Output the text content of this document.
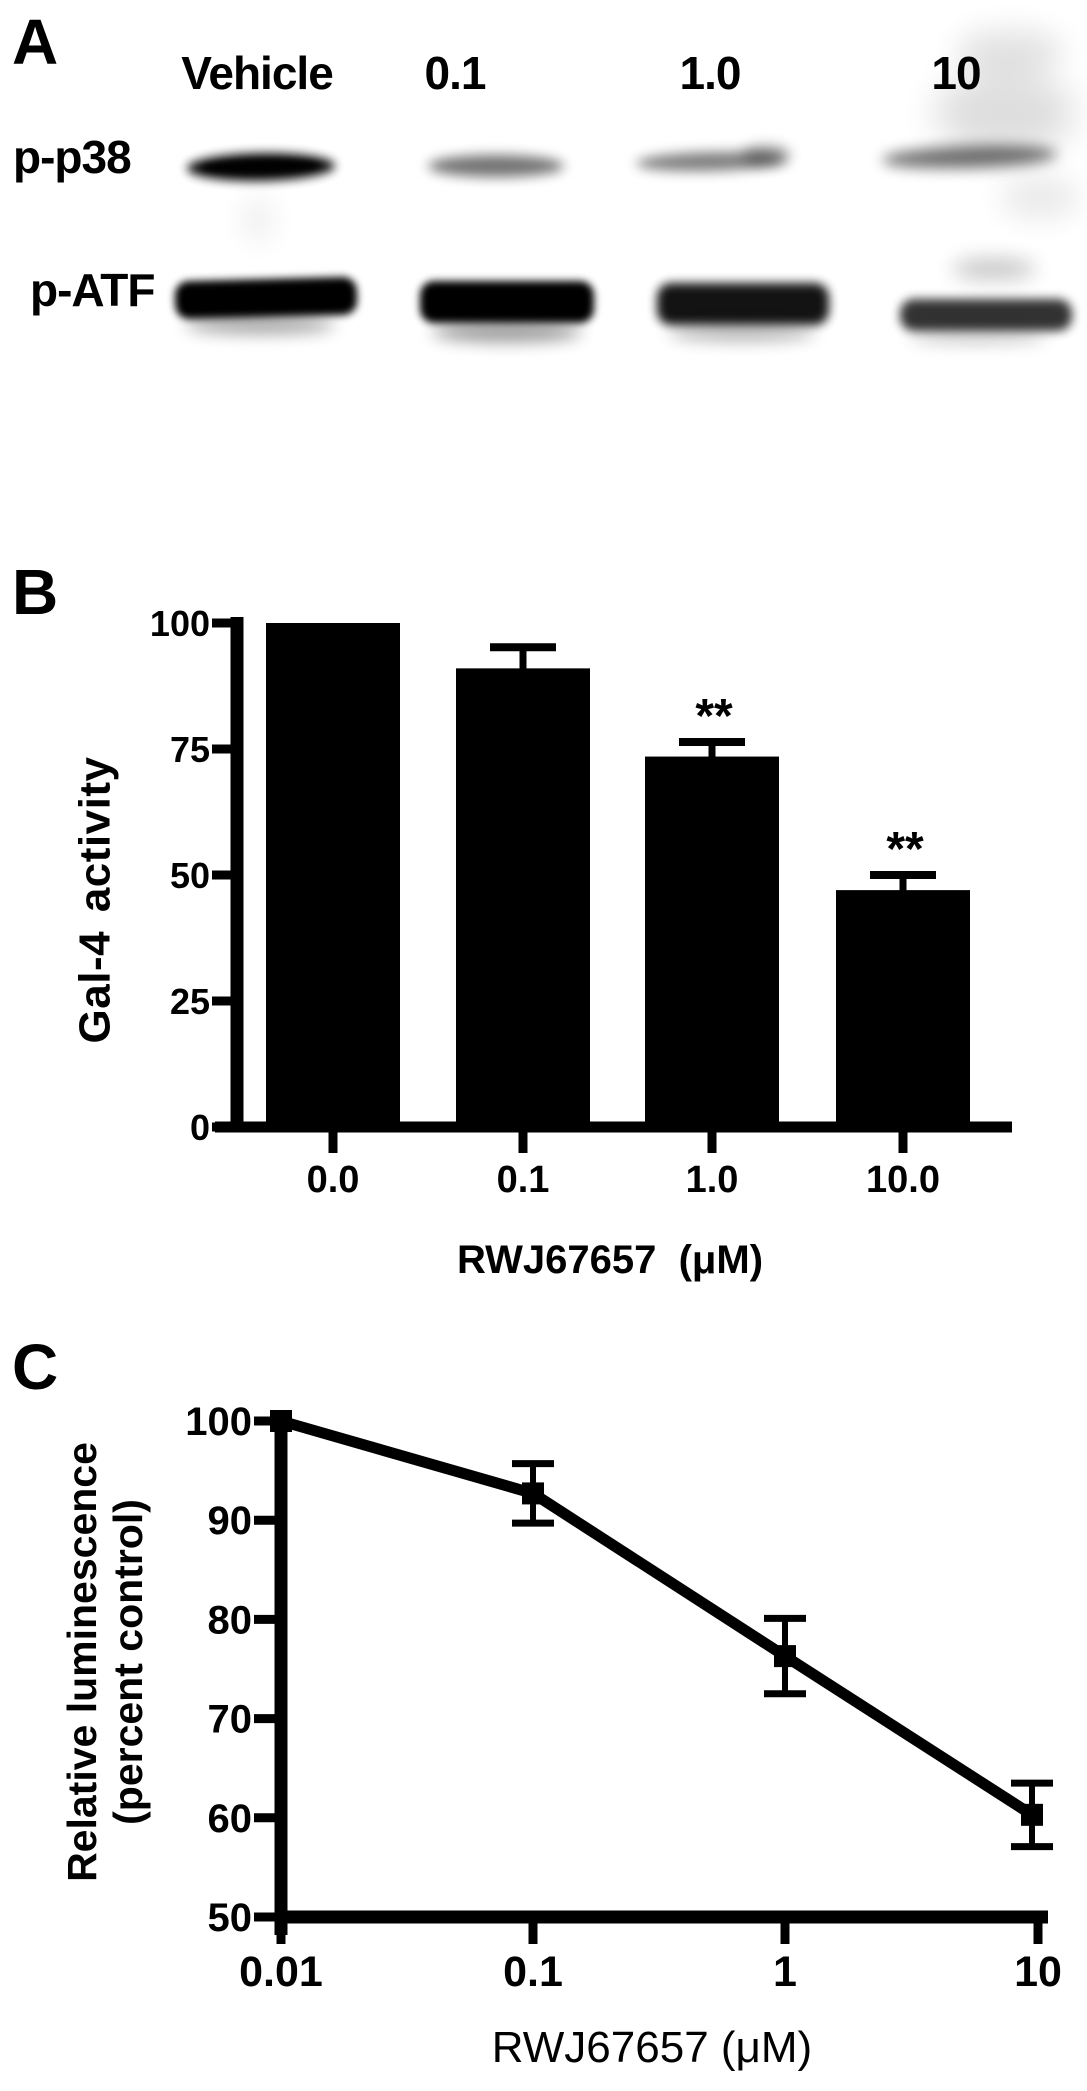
A	Vehicle 0.1	1.0	10
p-p38
p-ATF
B
Gal-4 activity
C
Relative luminescence (percent control)
**
**
0
25
50
75
100
0.0	0.1	1.0	10.0
RWJ67657  (μM)
50
60
70
80
90
100
0.01	0.1	1	10
RWJ67657 (μM)
